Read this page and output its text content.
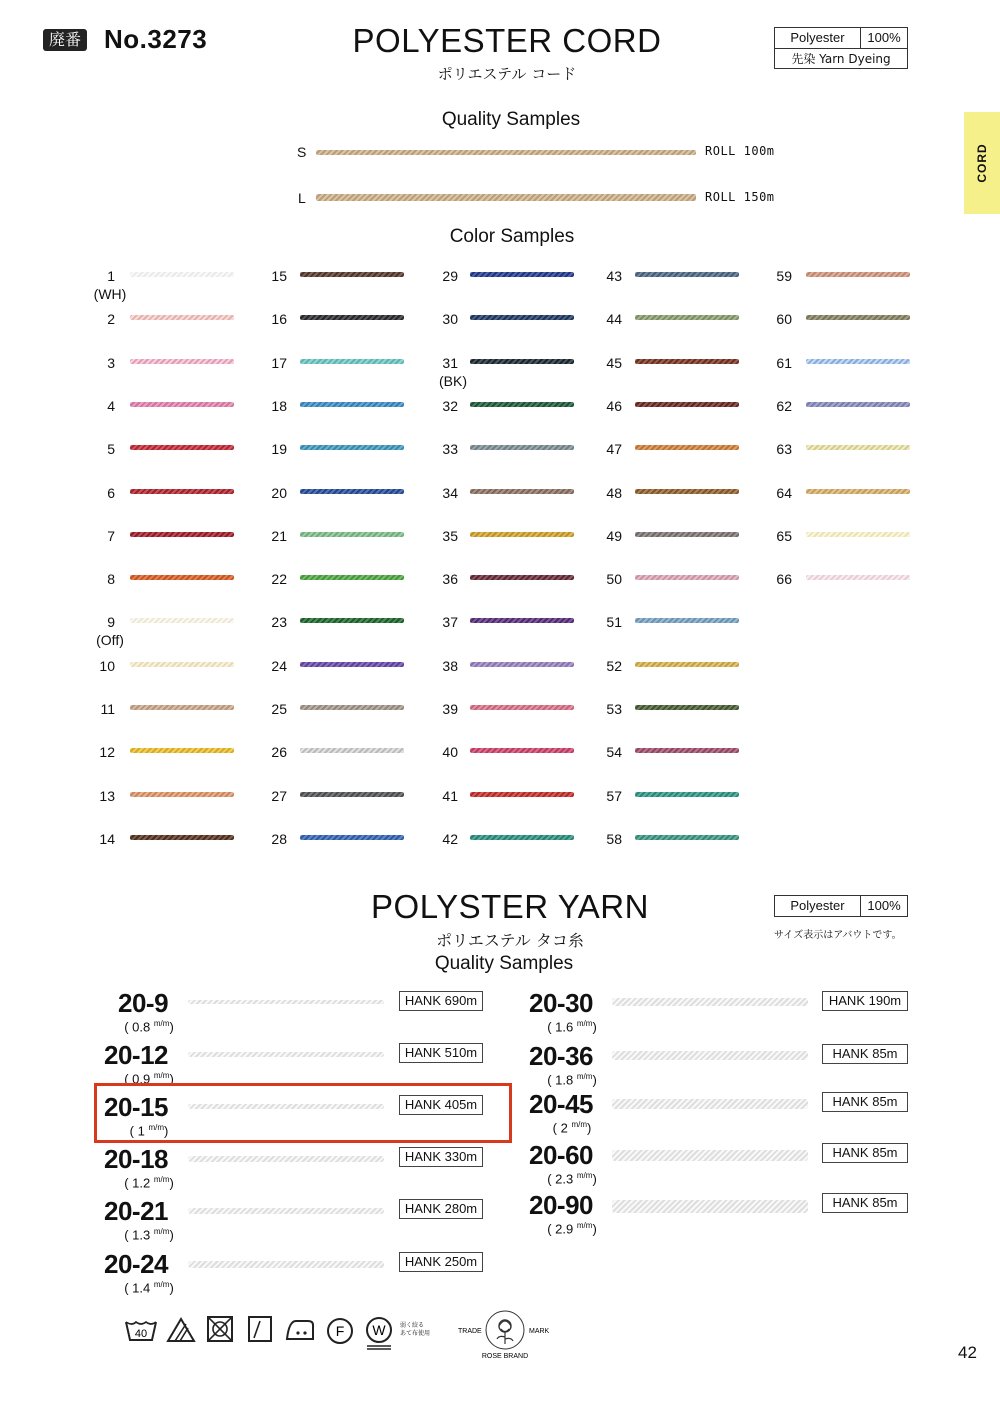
廃番 No.3273	POLYESTER CORD
ポリエステル コード
Polyester	100%
先染 Yarn Dyeing
CORD
Quality Samples
S	ROLL 100m
L	ROLL 150m
Color Samples
1
(WH)
2
3
4
5
6
7
8
9
(Off)
10
11
12
13
14
15
16
17
18
19
20
21
22
23
24
25
26
27
28
29
30
31
(BK)
32
33
34
35
36
37
38
39
40
41
42
43
44
45
46
47
48
49
50
51
52
53
54
57
58
59
60
61
62
63
64
65
66
POLYSTER YARN
ポリエステル タコ糸
Quality Samples
Polyester	100%
サイズ表示はアバウトです。
20-9
( 0.8 $^{m/m}$)
HANK 690m
20-12
( 0.9 $^{m/m}$)
HANK 510m
20-15
( 1 $^{m/m}$)
HANK 405m
20-18
( 1.2 $^{m/m}$)
HANK 330m
20-21
( 1.3 $^{m/m}$)
HANK 280m
20-24
( 1.4 $^{m/m}$)
HANK 250m
20-30
( 1.6 $^{m/m}$)
HANK 190m
20-36
( 1.8 $^{m/m}$)
HANK 85m
20-45
( 2 $^{m/m}$)
HANK 85m
20-60
( 2.3 $^{m/m}$)
HANK 85m
20-90
( 2.9 $^{m/m}$)
HANK 85m
40	F W 弱く絞る
あて布使用	TRADE	MARK
ROSE BRAND	42
